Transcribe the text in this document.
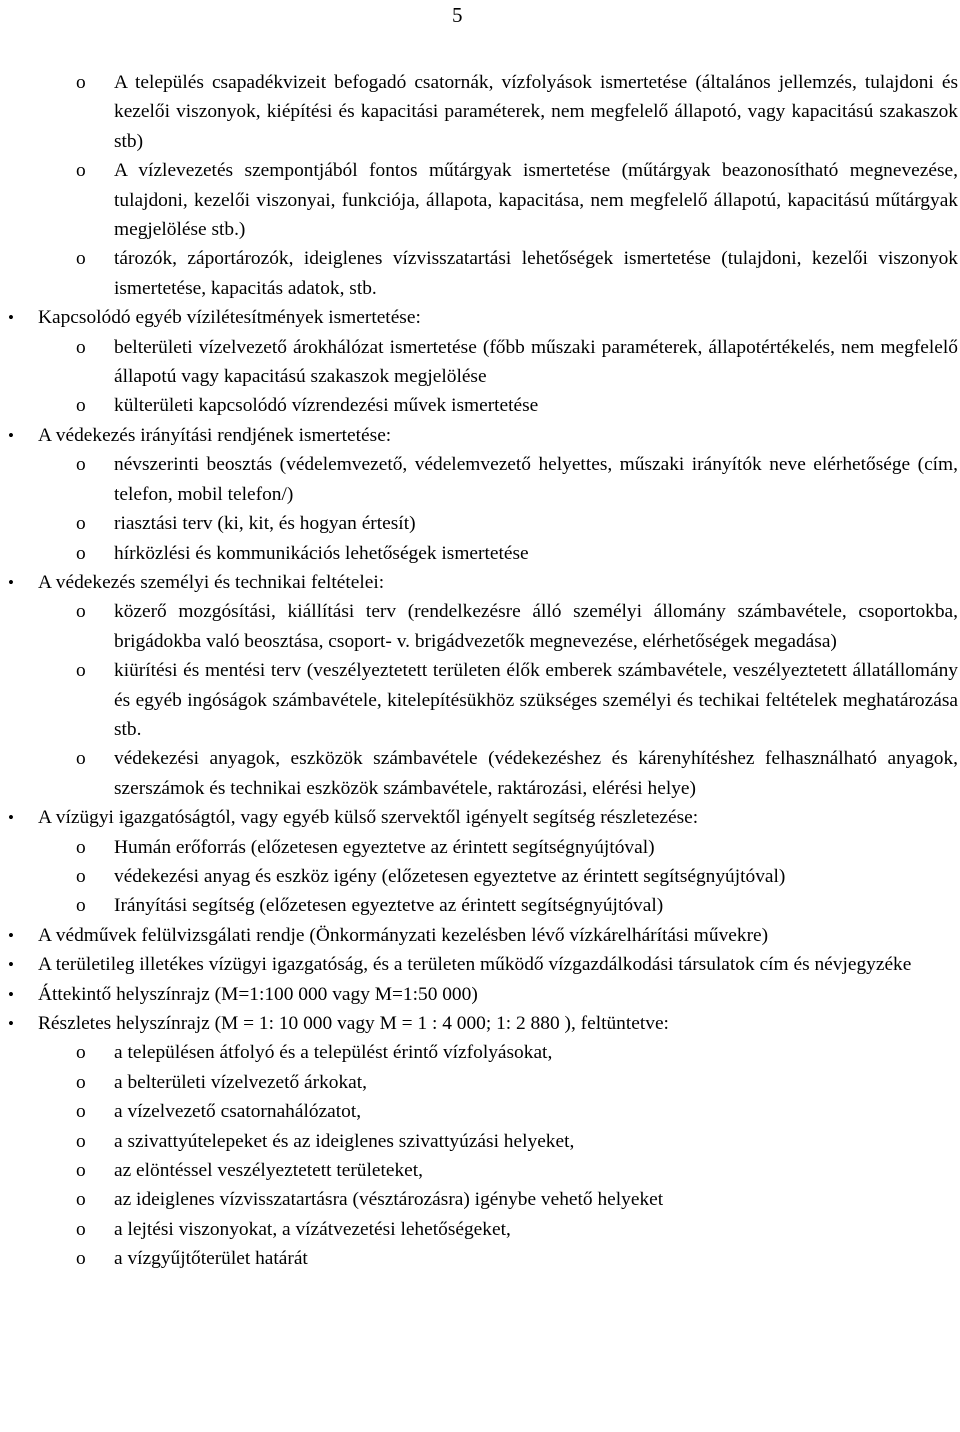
5
o A település csapadékvizeit befogadó csatornák, vízfolyások ismertetése (általános jellemzés, tulajdoni és kezelői viszonyok, kiépítési és kapacitási paraméterek, nem megfelelő állapotó, vagy kapacitású szakaszok stb)
o A vízlevezetés szempontjából fontos műtárgyak ismertetése (műtárgyak beazonosítható megnevezése, tulajdoni, kezelői viszonyai, funkciója, állapota, kapacitása, nem megfelelő állapotú, kapacitású műtárgyak megjelölése stb.)
o tározók, záportározók, ideiglenes vízvisszatartási lehetőségek ismertetése (tulajdoni, kezelői viszonyok ismertetése, kapacitás adatok, stb.
• Kapcsolódó egyéb vízilétesítmények ismertetése:
o belterületi vízelvezető árokhálózat ismertetése (főbb műszaki paraméterek, állapotértékelés, nem megfelelő állapotú vagy kapacitású szakaszok megjelölése
o külterületi kapcsolódó vízrendezési művek ismertetése
• A védekezés irányítási rendjének ismertetése:
o névszerinti beosztás (védelemvezető, védelemvezető helyettes, műszaki irányítók neve elérhetősége (cím, telefon, mobil telefon/)
o riasztási terv (ki, kit, és hogyan értesít)
o hírközlési és kommunikációs lehetőségek ismertetése
• A védekezés személyi és technikai feltételei:
o közerő mozgósítási, kiállítási terv (rendelkezésre álló személyi állomány számbavétele, csoportokba, brigádokba való beosztása, csoport- v. brigádvezetők megnevezése, elérhetőségek megadása)
o kiürítési és mentési terv (veszélyeztetett területen élők emberek számbavétele, veszélyeztetett állatállomány és egyéb ingóságok számbavétele, kitelepítésükhöz szükséges személyi és techikai feltételek meghatározása stb.
o védekezési anyagok, eszközök számbavétele (védekezéshez és kárenyhítéshez felhasználható anyagok, szerszámok és technikai eszközök számbavétele, raktározási, elérési helye)
• A vízügyi igazgatóságtól, vagy egyéb külső szervektől igényelt segítség részletezése:
o Humán erőforrás (előzetesen egyeztetve az érintett segítségnyújtóval)
o védekezési anyag és eszköz igény (előzetesen egyeztetve az érintett segítségnyújtóval)
o Irányítási segítség (előzetesen egyeztetve az érintett segítségnyújtóval)
• A védművek felülvizsgálati rendje (Önkormányzati kezelésben lévő vízkárelhárítási művekre)
• A területileg illetékes vízügyi igazgatóság, és a területen működő vízgazdálkodási társulatok cím és névjegyzéke
• Áttekintő helyszínrajz (M=1:100 000 vagy M=1:50 000)
• Részletes helyszínrajz (M = 1: 10 000 vagy M = 1 : 4 000; 1: 2 880 ), feltüntetve:
o a településen átfolyó és a települést érintő vízfolyásokat,
o a belterületi vízelvezető árkokat,
o a vízelvezető csatornahálózatot,
o a szivattyútelepeket és az ideiglenes szivattyúzási helyeket,
o az elöntéssel veszélyeztetett területeket,
o az ideiglenes vízvisszatartásra (vésztározásra) igénybe vehető helyeket
o a lejtési viszonyokat, a vízátvezetési lehetőségeket,
o a vízgyűjtőterület határát
